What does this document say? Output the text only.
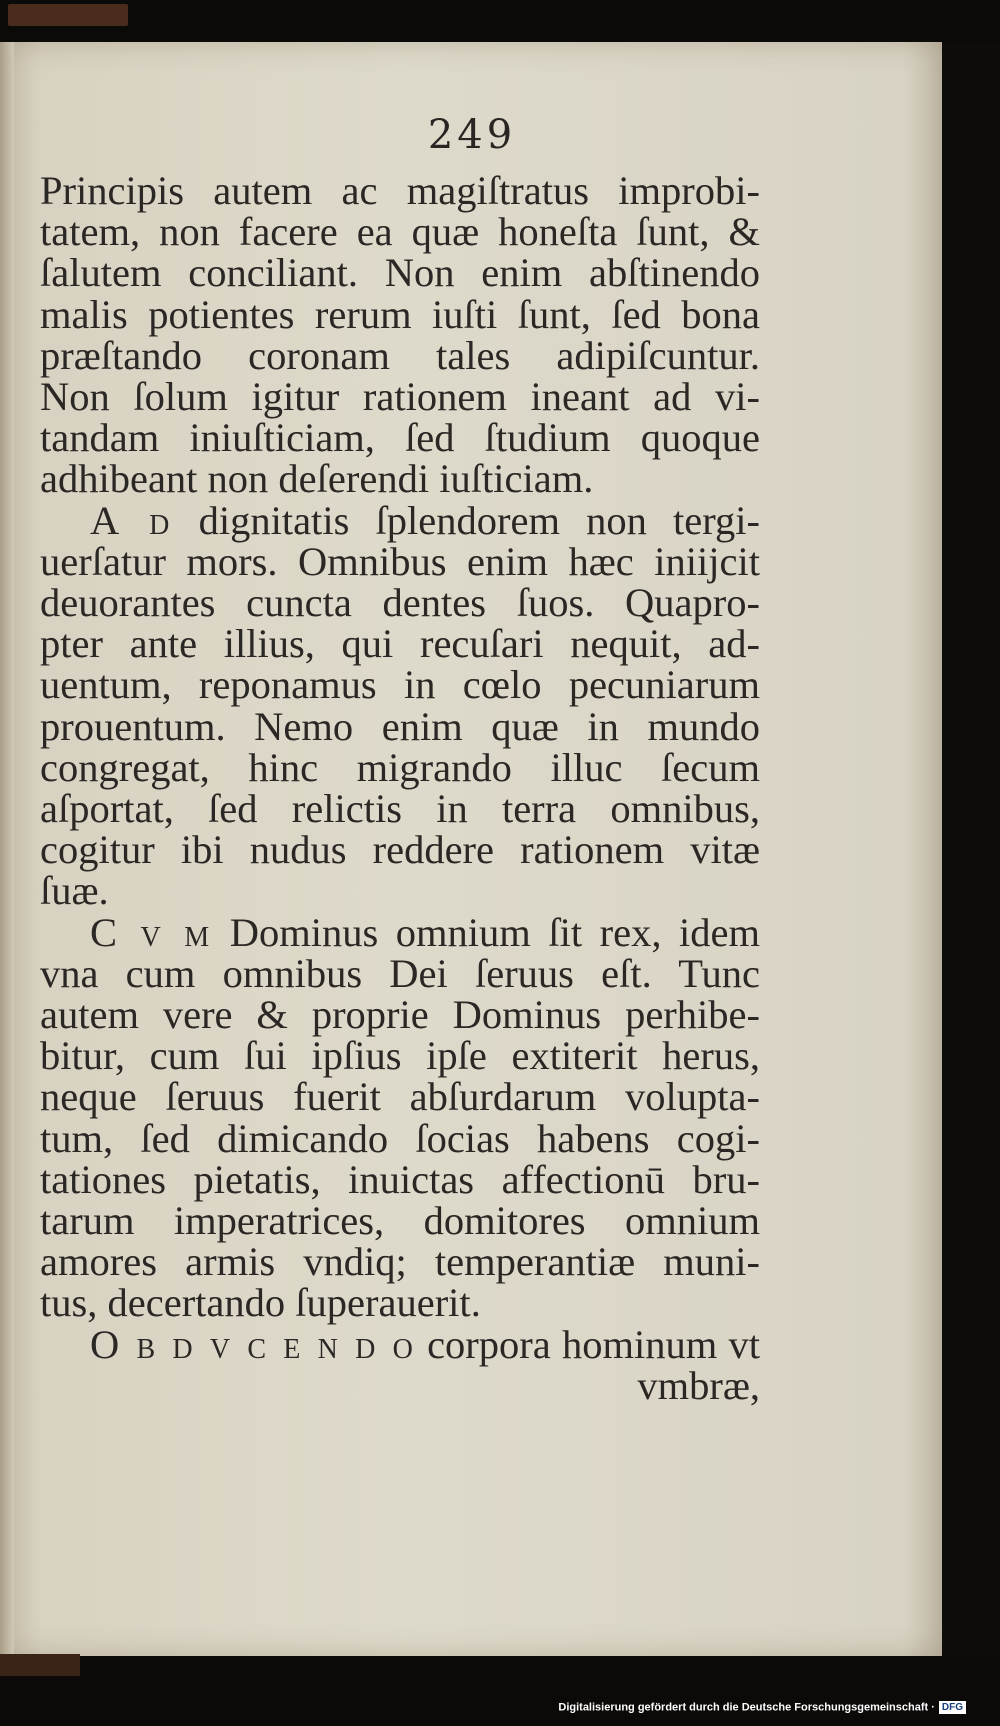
249
Principis autem ac magiſtratus improbi-
tatem, non facere ea quæ honeſta ſunt, &
ſalutem conciliant. Non enim abſtinendo
malis potientes rerum iuſti ſunt, ſed bona
præſtando coronam tales adipiſcuntur.
Non ſolum igitur rationem ineant ad vi-
tandam iniuſticiam, ſed ſtudium quoque
adhibeant non deſerendi iuſticiam.
A d dignitatis ſplendorem non tergi-
uerſatur mors. Omnibus enim hæc iniijcit
deuorantes cuncta dentes ſuos. Quapro-
pter ante illius, qui recuſari nequit, ad-
uentum, reponamus in cœlo pecuniarum
prouentum. Nemo enim quæ in mundo
congregat, hinc migrando illuc ſecum
aſportat, ſed relictis in terra omnibus,
cogitur ibi nudus reddere rationem vitæ
ſuæ.
C v m Dominus omnium ſit rex, idem
vna cum omnibus Dei ſeruus eſt. Tunc
autem vere & proprie Dominus perhibe-
bitur, cum ſui ipſius ipſe extiterit herus,
neque ſeruus fuerit abſurdarum volupta-
tum, ſed dimicando ſocias habens cogi-
tationes pietatis, inuictas affectionū bru-
tarum imperatrices, domitores omnium
amores armis vndiq; temperantiæ muni-
tus, decertando ſuperauerit.
O b d v c e n d o corpora hominum vt
vmbræ,
Digitalisierung gefördert durch die Deutsche Forschungsgemeinschaft · DFG
